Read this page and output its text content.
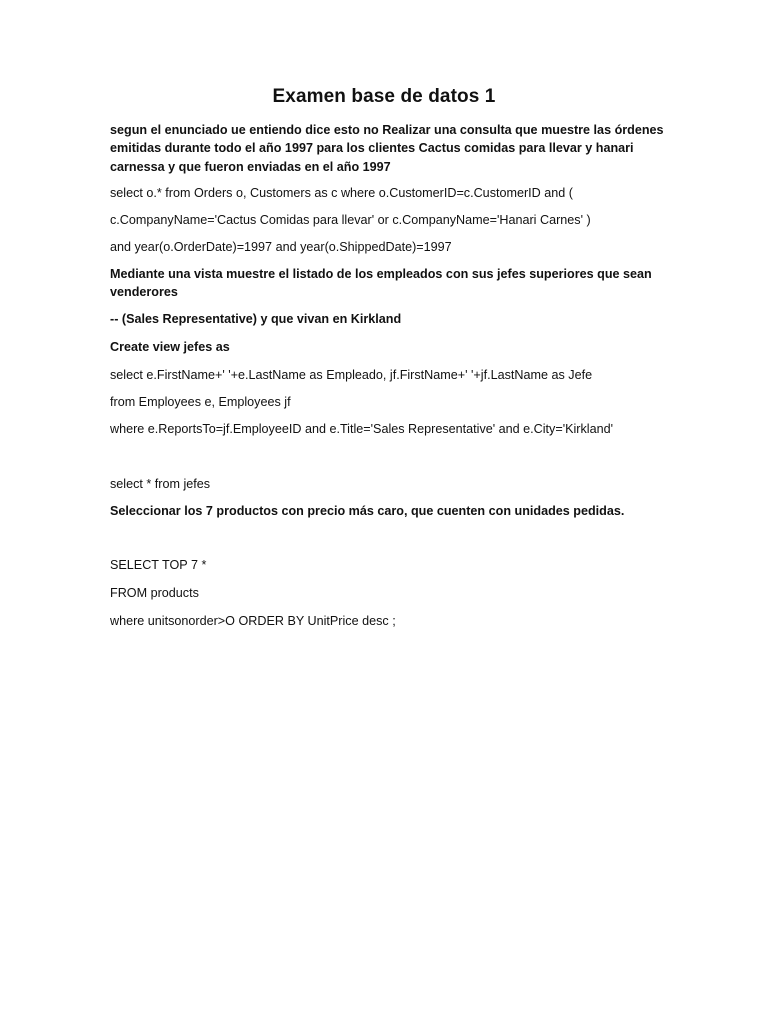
Examen base de datos 1
segun el enunciado ue entiendo dice esto no Realizar una consulta que muestre las órdenes emitidas durante todo el año 1997 para los clientes Cactus comidas para llevar y hanari carnessa y que fueron enviadas en el año 1997
select o.* from Orders o, Customers as c where o.CustomerID=c.CustomerID and (
c.CompanyName='Cactus Comidas para llevar' or c.CompanyName='Hanari Carnes' )
and year(o.OrderDate)=1997 and year(o.ShippedDate)=1997
Mediante una vista muestre el listado de los empleados con sus jefes superiores que sean venderores
-- (Sales Representative) y que vivan en Kirkland
Create view jefes as
select e.FirstName+' '+e.LastName as Empleado, jf.FirstName+' '+jf.LastName as Jefe
from Employees e, Employees jf
where e.ReportsTo=jf.EmployeeID and e.Title='Sales Representative' and e.City='Kirkland'
select * from jefes
Seleccionar los 7 productos con precio más caro, que cuenten con unidades pedidas.
SELECT TOP 7 *
FROM products
where unitsonorder>O ORDER BY UnitPrice desc ;
